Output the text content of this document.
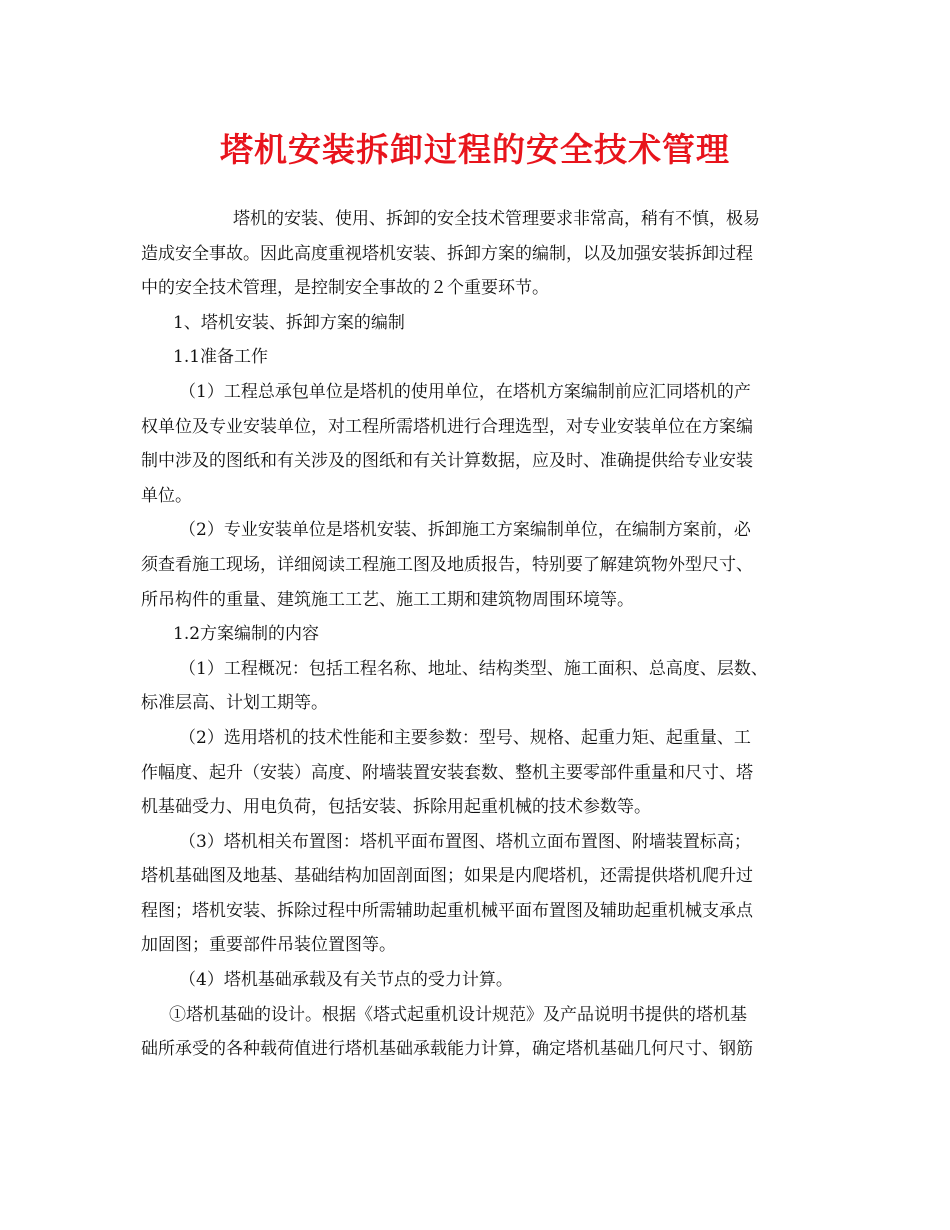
塔机安装拆卸过程的安全技术管理

塔机的安装、使用、拆卸的安全技术管理要求非常高，稍有不慎，极易
造成安全事故。因此高度重视塔机安装、拆卸方案的编制，以及加强安装拆卸过程
中的安全技术管理，是控制安全事故的２个重要环节。

1、塔机安装、拆卸方案的编制

1.1准备工作

（1）工程总承包单位是塔机的使用单位，在塔机方案编制前应汇同塔机的产
权单位及专业安装单位，对工程所需塔机进行合理选型，对专业安装单位在方案编
制中涉及的图纸和有关涉及的图纸和有关计算数据，应及时、准确提供给专业安装
单位。

（2）专业安装单位是塔机安装、拆卸施工方案编制单位，在编制方案前，必
须查看施工现场，详细阅读工程施工图及地质报告，特别要了解建筑物外型尺寸、
所吊构件的重量、建筑施工工艺、施工工期和建筑物周围环境等。

1.2方案编制的内容

（1）工程概况：包括工程名称、地址、结构类型、施工面积、总高度、层数、
标准层高、计划工期等。

（2）选用塔机的技术性能和主要参数：型号、规格、起重力矩、起重量、工
作幅度、起升（安装）高度、附墙装置安装套数、整机主要零部件重量和尺寸、塔
机基础受力、用电负荷，包括安装、拆除用起重机械的技术参数等。

（3）塔机相关布置图：塔机平面布置图、塔机立面布置图、附墙装置标高；
塔机基础图及地基、基础结构加固剖面图；如果是内爬塔机，还需提供塔机爬升过
程图；塔机安装、拆除过程中所需辅助起重机械平面布置图及辅助起重机械支承点
加固图；重要部件吊装位置图等。

（4）塔机基础承载及有关节点的受力计算。

①塔机基础的设计。根据《塔式起重机设计规范》及产品说明书提供的塔机基
础所承受的各种载荷值进行塔机基础承载能力计算，确定塔机基础几何尺寸、钢筋
